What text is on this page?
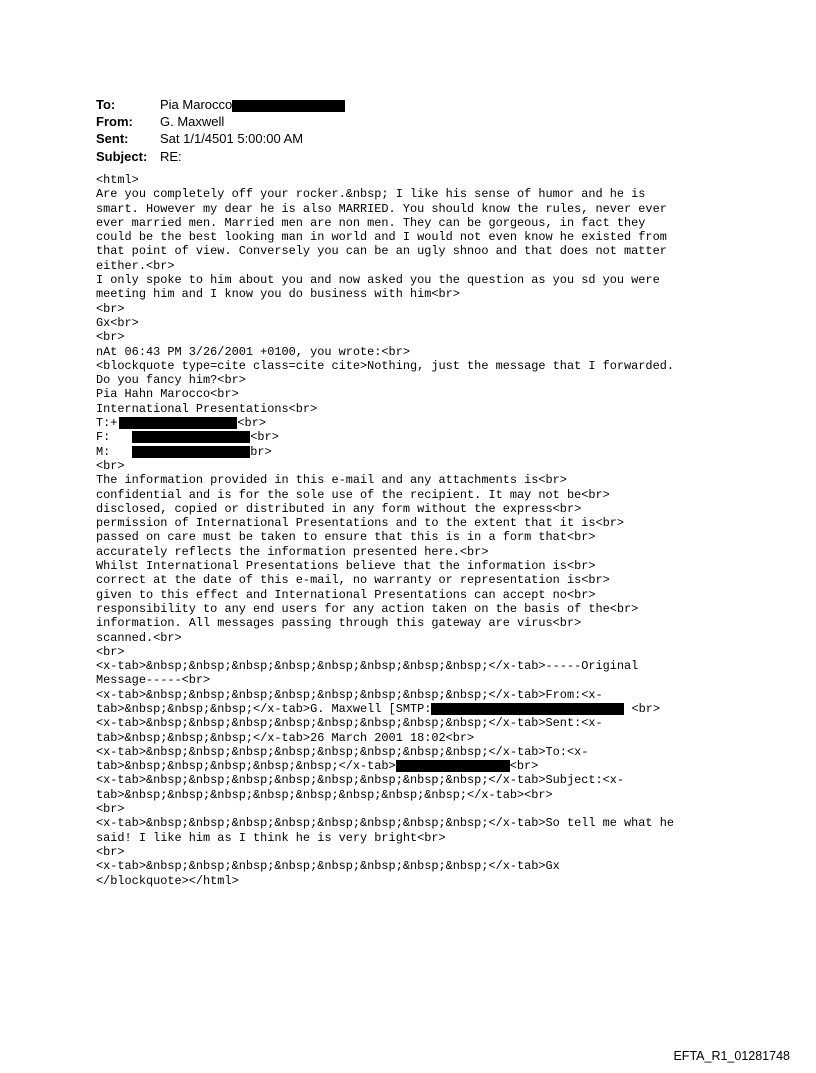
To:	Pia Marocco
From:	G. Maxwell
Sent:	Sat 1/1/4501 5:00:00 AM
Subject: RE:
<html>
Are you completely off your rocker.&nbsp; I like his sense of humor and he is
smart. However my dear he is also MARRIED. You should know the rules, never ever
ever married men. Married men are non men. They can be gorgeous, in fact they
could be the best looking man in world and I would not even know he existed from
that point of view. Conversely you can be an ugly shnoo and that does not matter
either.<br>
I only spoke to him about you and now asked you the question as you sd you were
meeting him and I know you do business with him<br>
<br>
Gx<br>
<br>
nAt 06:43 PM 3/26/2001 +0100, you wrote:<br>
<blockquote type=cite class=cite cite>Nothing, just the message that I forwarded.
Do you fancy him?<br>
Pia Hahn Marocco<br>
International Presentations<br>
T:+	<br>
F:	<br>
M:	br>
<br>
The information provided in this e-mail and any attachments is<br>
confidential and is for the sole use of the recipient. It may not be<br>
disclosed, copied or distributed in any form without the express<br>
permission of International Presentations and to the extent that it is<br>
passed on care must be taken to ensure that this is in a form that<br>
accurately reflects the information presented here.<br>
Whilst International Presentations believe that the information is<br>
correct at the date of this e-mail, no warranty or representation is<br>
given to this effect and International Presentations can accept no<br>
responsibility to any end users for any action taken on the basis of the<br>
information. All messages passing through this gateway are virus<br>
scanned.<br>
<br>
<x-tab>&nbsp;&nbsp;&nbsp;&nbsp;&nbsp;&nbsp;&nbsp;&nbsp;</x-tab>-----Original
Message-----<br>
<x-tab>&nbsp;&nbsp;&nbsp;&nbsp;&nbsp;&nbsp;&nbsp;&nbsp;</x-tab>From:<x-
tab>&nbsp;&nbsp;&nbsp;</x-tab>G. Maxwell [SMTP:	<br>
<x-tab>&nbsp;&nbsp;&nbsp;&nbsp;&nbsp;&nbsp;&nbsp;&nbsp;</x-tab>Sent:<x-
tab>&nbsp;&nbsp;&nbsp;</x-tab>26 March 2001 18:02<br>
<x-tab>&nbsp;&nbsp;&nbsp;&nbsp;&nbsp;&nbsp;&nbsp;&nbsp;</x-tab>To:<x-
tab>&nbsp;&nbsp;&nbsp;&nbsp;&nbsp;</x-tab>	<br>
<x-tab>&nbsp;&nbsp;&nbsp;&nbsp;&nbsp;&nbsp;&nbsp;&nbsp;</x-tab>Subject:<x-
tab>&nbsp;&nbsp;&nbsp;&nbsp;&nbsp;&nbsp;&nbsp;&nbsp;</x-tab><br>
<br>
<x-tab>&nbsp;&nbsp;&nbsp;&nbsp;&nbsp;&nbsp;&nbsp;&nbsp;</x-tab>So tell me what he
said! I like him as I think he is very bright<br>
<br>
<x-tab>&nbsp;&nbsp;&nbsp;&nbsp;&nbsp;&nbsp;&nbsp;&nbsp;</x-tab>Gx
</blockquote></html>
EFTA_R1_01281748
